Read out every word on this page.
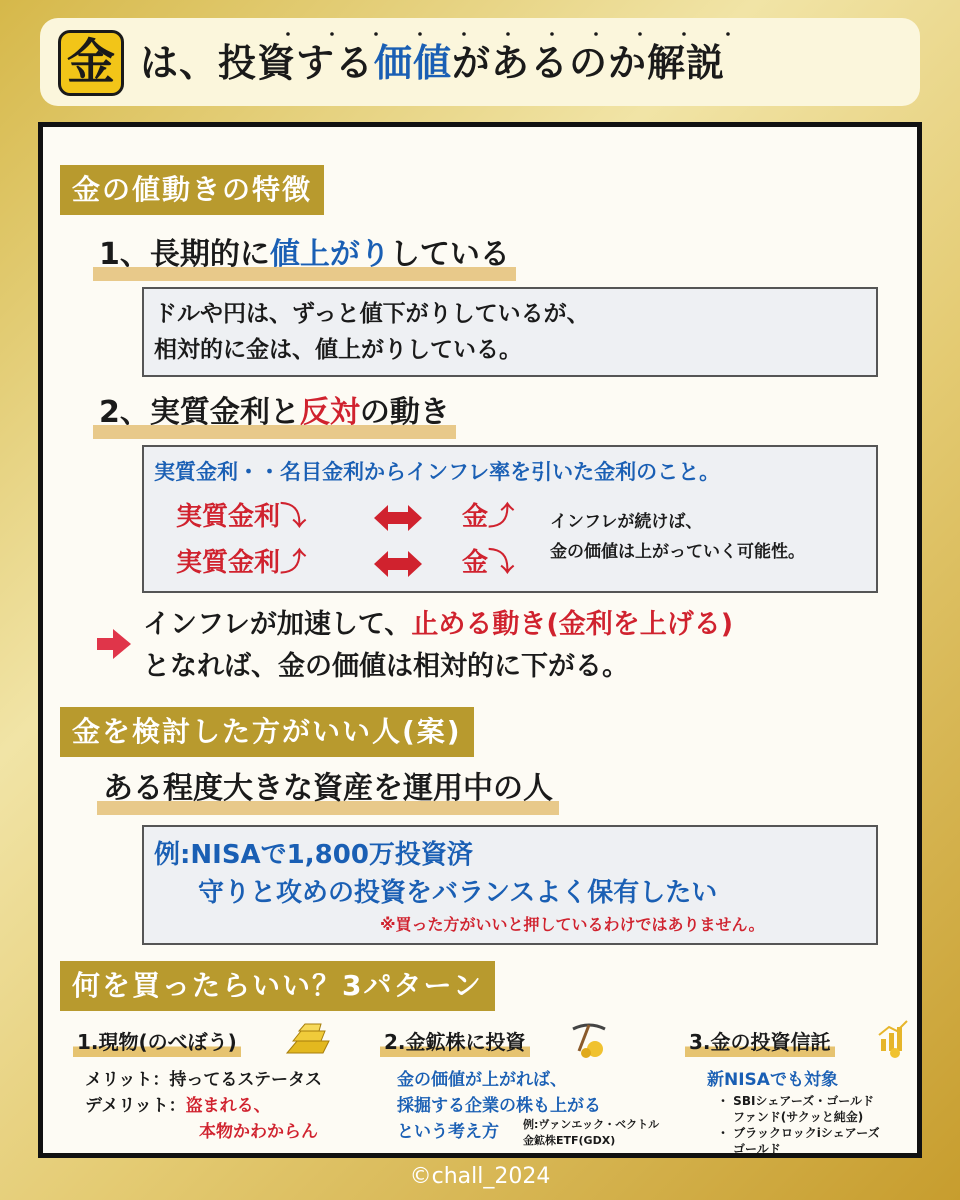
・・・・・・・・・・・
金 は、投資する価値があるのか解説
金の値動きの特徴
1、長期的に値上がりしている
ドルや円は、ずっと値下がりしているが、
相対的に金は、値上がりしている。
2、実質金利と反対の動き
実質金利・・名目金利からインフレ率を引いた金利のこと。
実質金利⤵	金⤴
実質金利⤴	金⤵
インフレが続けば、
金の価値は上がっていく可能性。
インフレが加速して、止める動き(金利を上げる)
となれば、金の価値は相対的に下がる。
金を検討した方がいい人(案)
ある程度大きな資産を運用中の人
例:NISAで1,800万投資済
守りと攻めの投資をバランスよく保有したい
※買った方がいいと押しているわけではありません。
何を買ったらいい？3パターン
1.現物(のべぼう)
メリット：持ってるステータス
デメリット：盗まれる、
本物かわからん
2.金鉱株に投資
金の価値が上がれば、
採掘する企業の株も上がる
という考え方 例:ヴァンエック・ベクトル
金鉱株ETF(GDX)
3.金の投資信託
新NISAでも対象
・ SBIシェアーズ・ゴールド
ファンド(サクッと純金)
・ ブラックロックiシェアーズ
ゴールド
©chall_2024
